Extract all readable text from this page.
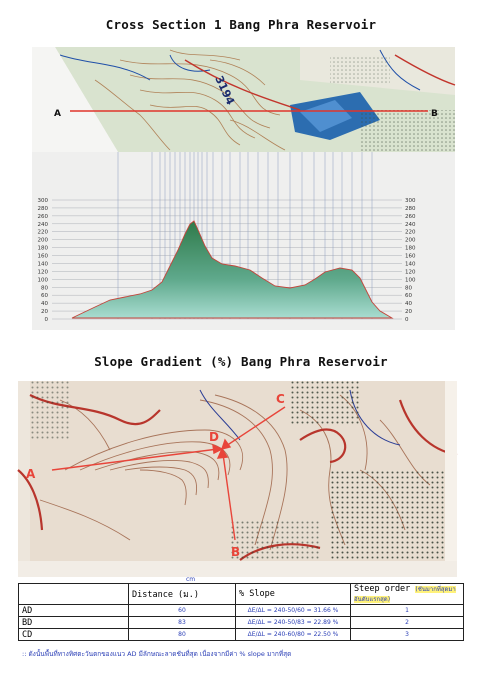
Cross Section 1 Bang Phra Reservoir
3194
A	B
0
20
40
60
80
100
120
140
160
180
200
220
240
260
280
300
0
20
40
60
80
100
120
140
160
180
200
220
240
260
280
300
A
B
C
D
cm
Slope Gradient (%) Bang Phra Reservoir
	Distance (ม.)	% Slope	Steep order (ชันมากที่สุดมาอันดับแรกสุด)
AD	60	ΔE/ΔL = 240-50/60 = 31.66 %	1
BD	83	ΔE/ΔL = 240-50/83 = 22.89 %	2
CD	80	ΔE/ΔL = 240-60/80 = 22.50 %	3
:: ดังนั้นพื้นที่ทางทิศตะวันตกของแนว AD มีลักษณะลาดชันที่สุด เนื่องจากมีค่า % slope มากที่สุด
